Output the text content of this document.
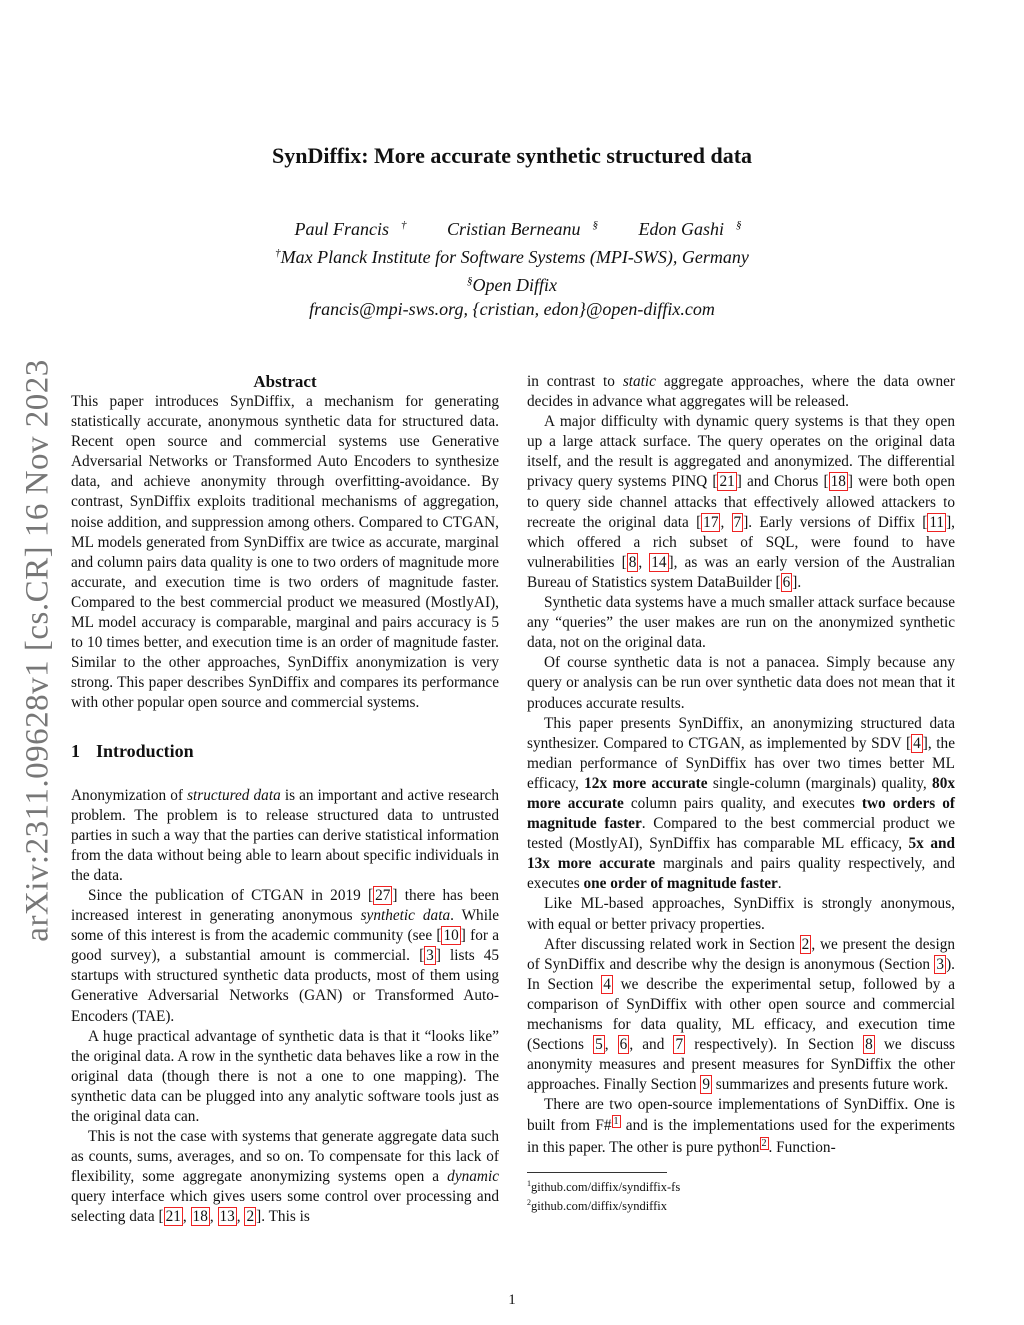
arXiv:2311.09628v1 [cs.CR] 16 Nov 2023
SynDiffix: More accurate synthetic structured data
Paul Francis † Cristian Berneanu § Edon Gashi §
†Max Planck Institute for Software Systems (MPI-SWS), Germany
§Open Diffix
francis@mpi-sws.org, {cristian, edon}@open-diffix.com
Abstract

This paper introduces SynDiffix, a mechanism for generating statistically accurate, anonymous synthetic data for structured data. Recent open source and commercial systems use Generative Adversarial Networks or Transformed Auto Encoders to synthesize data, and achieve anonymity through overfitting-avoidance. By contrast, SynDiffix exploits traditional mechanisms of aggregation, noise addition, and suppression among others. Compared to CTGAN, ML models generated from SynDiffix are twice as accurate, marginal and column pairs data quality is one to two orders of magnitude more accurate, and execution time is two orders of magnitude faster. Compared to the best commercial product we measured (MostlyAI), ML model accuracy is comparable, marginal and pairs accuracy is 5 to 10 times better, and execution time is an order of magnitude faster. Similar to the other approaches, SynDiffix anonymization is very strong. This paper describes SynDiffix and compares its performance with other popular open source and commercial systems.

1 Introduction

Anonymization of structured data is an important and active research problem. The problem is to release structured data to untrusted parties in such a way that the parties can derive statistical information from the data without being able to learn about specific individuals in the data.

Since the publication of CTGAN in 2019 [ 27 ] there has been increased interest in generating anonymous synthetic data. While some of this interest is from the academic community (see [ 10 ] for a good survey), a substantial amount is commercial. [ 3 ] lists 45 startups with structured synthetic data products, most of them using Generative Adversarial Networks (GAN) or Transformed Auto-Encoders (TAE).

A huge practical advantage of synthetic data is that it “looks like” the original data. A row in the synthetic data behaves like a row in the original data (though there is not a one to one mapping). The synthetic data can be plugged into any analytic software tools just as the original data can.

This is not the case with systems that generate aggregate data such as counts, sums, averages, and so on. To compensate for this lack of flexibility, some aggregate anonymizing systems open a dynamic query interface which gives users some control over processing and selecting data [ 21 , 18 , 13 , 2 ]. This is

in contrast to static aggregate approaches, where the data owner decides in advance what aggregates will be released.

A major difficulty with dynamic query systems is that they open up a large attack surface. The query operates on the original data itself, and the result is aggregated and anonymized. The differential privacy query systems PINQ [ 21 ] and Chorus [ 18 ] were both open to query side channel attacks that effectively allowed attackers to recreate the original data [ 17 , 7 ]. Early versions of Diffix [ 11 ], which offered a rich subset of SQL, were found to have vulnerabilities [ 8 , 14 ], as was an early version of the Australian Bureau of Statistics system DataBuilder [ 6 ].

Synthetic data systems have a much smaller attack surface because any “queries” the user makes are run on the anonymized synthetic data, not on the original data.

Of course synthetic data is not a panacea. Simply because any query or analysis can be run over synthetic data does not mean that it produces accurate results.

This paper presents SynDiffix, an anonymizing structured data synthesizer. Compared to CTGAN, as implemented by SDV [ 4 ], the median performance of SynDiffix has over two times better ML efficacy, 12x more accurate single-column (marginals) quality, 80x more accurate column pairs quality, and executes two orders of magnitude faster. Compared to the best commercial product we tested (MostlyAI), SynDiffix has comparable ML efficacy, 5x and 13x more accurate marginals and pairs quality respectively, and executes one order of magnitude faster.

Like ML-based approaches, SynDiffix is strongly anonymous, with equal or better privacy properties.

After discussing related work in Section 2 , we present the design of SynDiffix and describe why the design is anonymous (Section 3 ). In Section 4 we describe the experimental setup, followed by a comparison of SynDiffix with other open source and commercial mechanisms for data quality, ML efficacy, and execution time (Sections 5 , 6 , and 7 respectively). In Section 8 we discuss anonymity measures and present measures for SynDiffix the other approaches. Finally Section 9 summarizes and presents future work.

There are two open-source implementations of SynDiffix. One is built from F# $^1$ and is the implementations used for the experiments in this paper. The other is pure python $^2$ . Function-

$^1$github.com/diffix/syndiffix-fs

$^2$github.com/diffix/syndiffix

1
